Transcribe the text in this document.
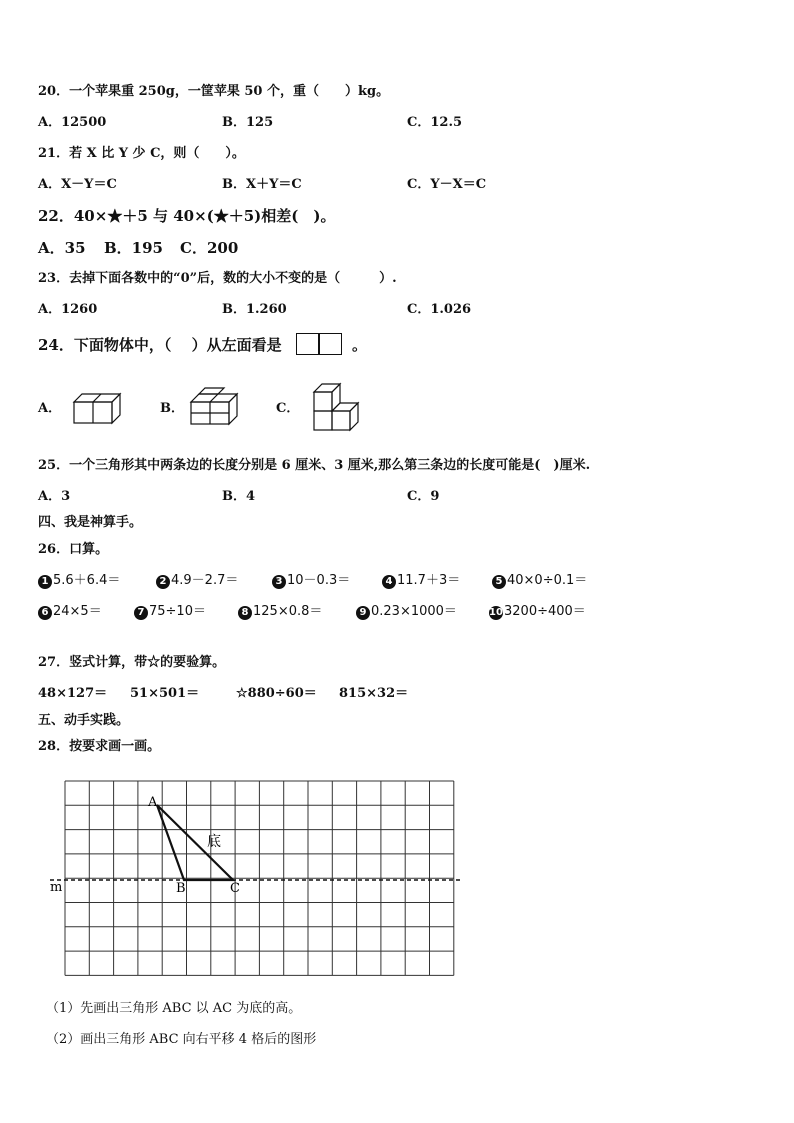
20．一个苹果重 250g，一筐苹果 50 个，重（　　）kg。
A．12500	B．125	C．12.5
21．若 X 比 Y 少 C，则（　　）。
A．X－Y＝C	B．X＋Y＝C	C．Y－X＝C
22．40×★＋5 与 40×(★＋5)相差(　)。
A．35 B．195 C．200
23．去掉下面各数中的“0”后，数的大小不变的是（　　　）.
A．1260	B．1.260	C．1.026
24．下面物体中，（　 ）从左面看是	。
A．	B．	C．
25．一个三角形其中两条边的长度分别是 6 厘米、3 厘米,那么第三条边的长度可能是(　)厘米.
A．3	B．4	C．9
四、我是神算手。
26．口算。
1 5.6＋6.4＝	2 4.9－2.7＝	3 10－0.3＝	4 11.7＋3＝	5 40×0÷0.1＝
6 24×5＝	7 75÷10＝	8 125×0.8＝	9 0.23×1000＝	103200÷400＝
27．竖式计算，带☆的要验算。
48×127＝ 51×501＝	☆880÷60＝ 815×32＝
五、动手实践。
28．按要求画一画。
A
B	C
m
底
（1）先画出三角形 ABC 以 AC 为底的高。
（2）画出三角形 ABC 向右平移 4 格后的图形
